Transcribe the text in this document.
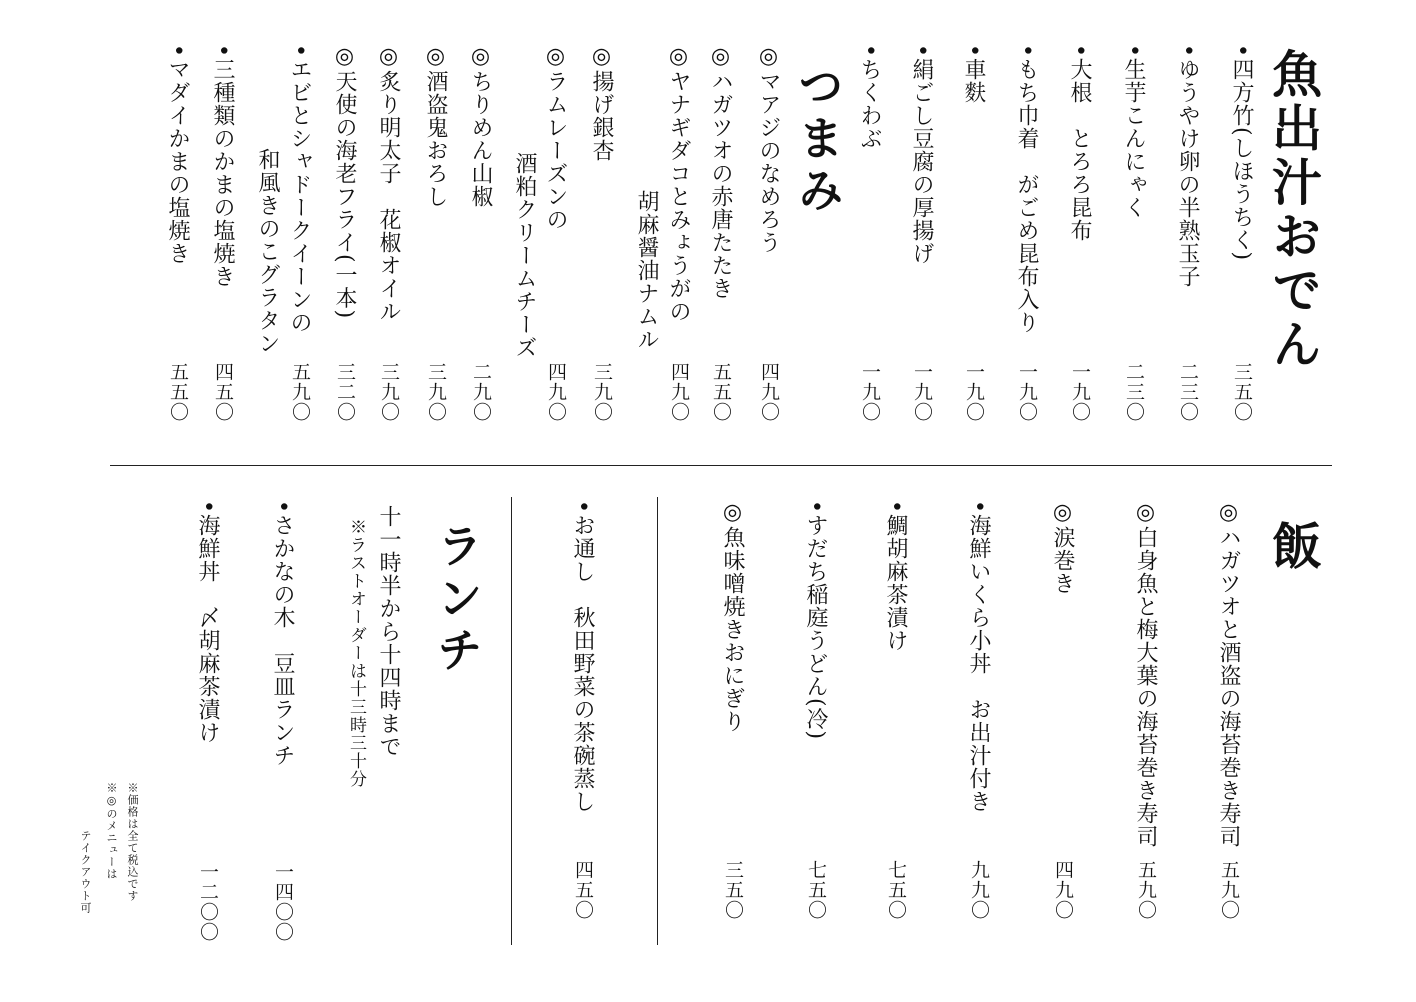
魚出汁おでん
•四方竹(しほうちく)
三五〇
•ゆうやけ卵の半熟玉子
二三〇
•生芋こんにゃく
二三〇
•大根　とろろ昆布
一九〇
•もち巾着　がごめ昆布入り
一九〇
•車麩
一九〇
•絹ごし豆腐の厚揚げ
一九〇
•ちくわぶ
一九〇
つまみ
◎マアジのなめろう
四九〇
◎ハガツオの赤唐たたき
五五〇
◎ヤナギダコとみょうがの
胡麻醤油ナムル
四九〇
◎揚げ銀杏
三九〇
◎ラムレーズンの
酒粕クリームチーズ
四九〇
◎ちりめん山椒
二九〇
◎酒盗鬼おろし
三九〇
◎炙り明太子　花椒オイル
三九〇
◎天使の海老フライ(一本)
三二〇
•エビとシャドークイーンの
和風きのこグラタン
五九〇
•三種類のかまの塩焼き
四五〇
•マダイかまの塩焼き
五五〇
飯
◎ハガツオと酒盗の海苔巻き寿司
五九〇
◎白身魚と梅大葉の海苔巻き寿司
五九〇
◎涙巻き
四九〇
•海鮮いくら小丼　お出汁付き
九九〇
•鯛胡麻茶漬け
七五〇
•すだち稲庭うどん(冷)
七五〇
◎魚味噌焼きおにぎり
三五〇
•お通し　秋田野菜の茶碗蒸し
四五〇
ランチ
十一時半から十四時まで
※ラストオーダーは十三時三十分
•さかなの木　豆皿ランチ
一四〇〇
•海鮮丼　〆胡麻茶漬け
一二〇〇
※価格は全て税込です
※◎のメニューは
テイクアウト可
